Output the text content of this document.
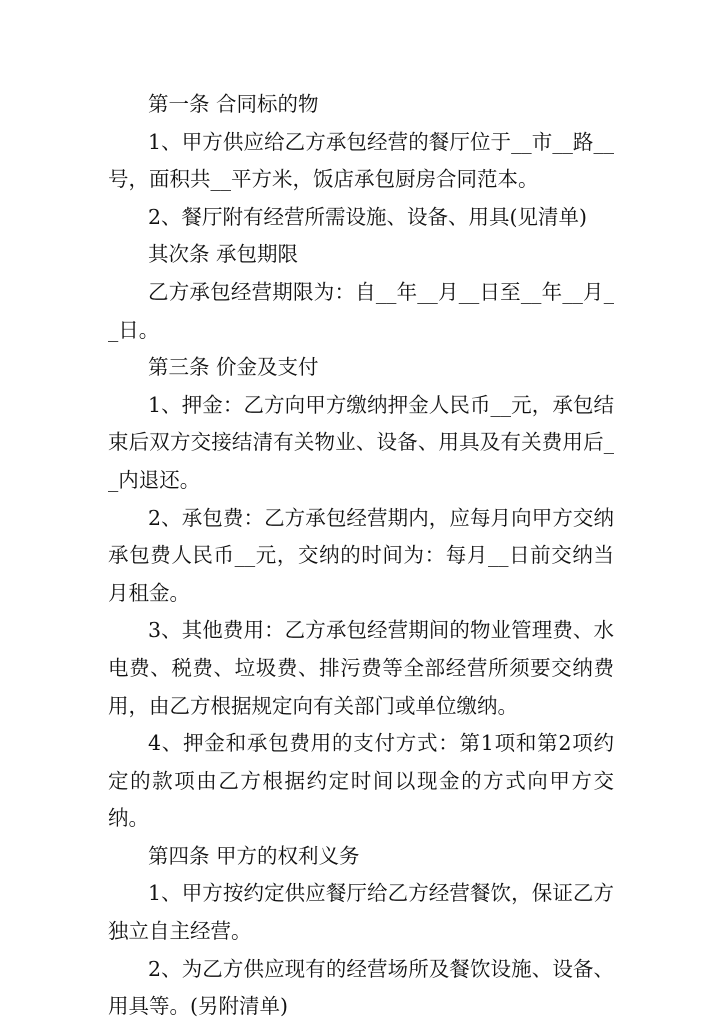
第一条 合同标的物

1、甲方供应给乙方承包经营的餐厅位于__市__路__号，面积共__平方米，饭店承包厨房合同范本。

2、餐厅附有经营所需设施、设备、用具(见清单)

其次条 承包期限

乙方承包经营期限为：自__年__月__日至__年__月__日。

第三条 价金及支付

1、押金：乙方向甲方缴纳押金人民币__元，承包结束后双方交接结清有关物业、设备、用具及有关费用后__内退还。

2、承包费：乙方承包经营期内，应每月向甲方交纳承包费人民币__元，交纳的时间为：每月__日前交纳当月租金。

3、其他费用：乙方承包经营期间的物业管理费、水电费、税费、垃圾费、排污费等全部经营所须要交纳费用，由乙方根据规定向有关部门或单位缴纳。

4、押金和承包费用的支付方式：第1项和第2项约定的款项由乙方根据约定时间以现金的方式向甲方交纳。

第四条 甲方的权利义务

1、甲方按约定供应餐厅给乙方经营餐饮，保证乙方独立自主经营。

2、为乙方供应现有的经营场所及餐饮设施、设备、用具等。(另附清单)
